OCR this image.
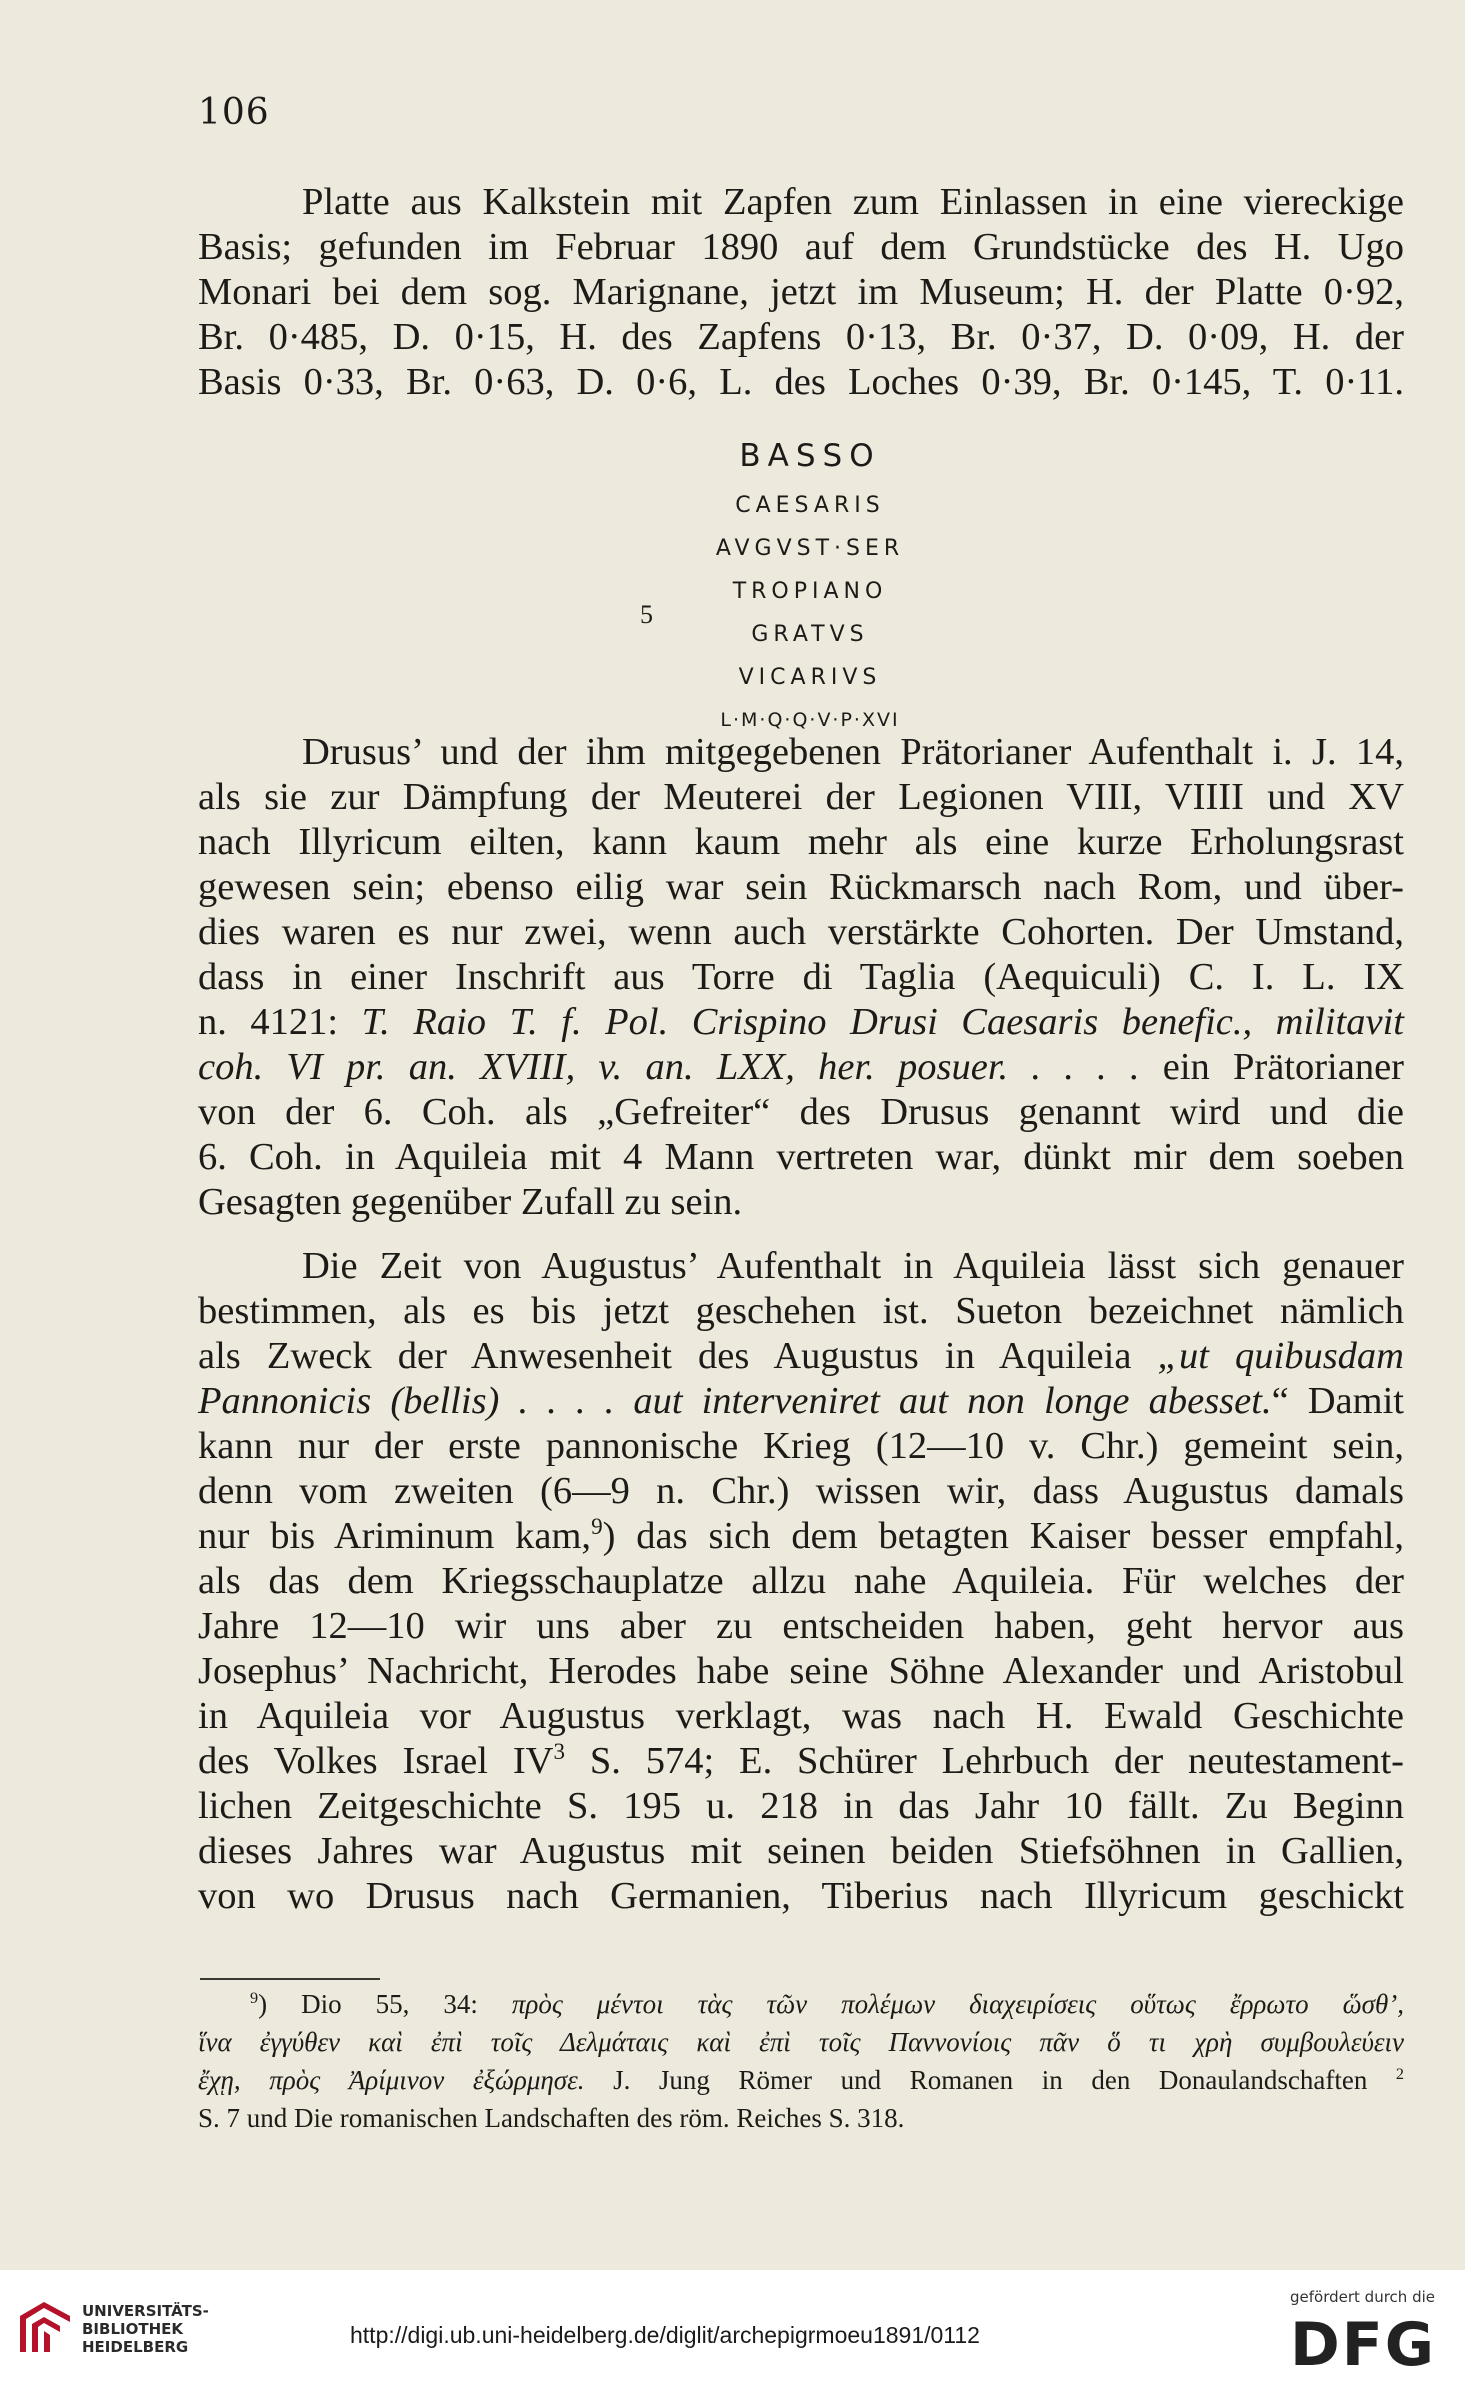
106
Platte aus Kalkstein mit Zapfen zum Einlassen in eine viereckige
Basis; gefunden im Februar 1890 auf dem Grundstücke des H. Ugo
Monari bei dem sog. Marignane, jetzt im Museum; H. der Platte 0·92,
Br. 0·485, D. 0·15, H. des Zapfens 0·13, Br. 0·37, D. 0·09, H. der
Basis 0·33, Br. 0·63, D. 0·6, L. des Loches 0·39, Br. 0·145, T. 0·11.
BASSO
CAESARIS
AVGVST·SER
TROPIANO
GRATVS
VICARIVS
L·M·Q·Q·V·P·XVI
5
Drusus’ und der ihm mitgegebenen Prätorianer Aufenthalt i. J. 14,
als sie zur Dämpfung der Meuterei der Legionen VIII, VIIII und XV
nach Illyricum eilten, kann kaum mehr als eine kurze Erholungsrast
gewesen sein; ebenso eilig war sein Rückmarsch nach Rom, und über-
dies waren es nur zwei, wenn auch verstärkte Cohorten. Der Umstand,
dass in einer Inschrift aus Torre di Taglia (Aequiculi) C. I. L. IX
n. 4121: T. Raio T. f. Pol. Crispino Drusi Caesaris benefic., militavit
coh. VI pr. an. XVIII, v. an. LXX, her. posuer. . . . . ein Prätorianer
von der 6. Coh. als „Gefreiter“ des Drusus genannt wird und die
6. Coh. in Aquileia mit 4 Mann vertreten war, dünkt mir dem soeben
Gesagten gegenüber Zufall zu sein.
Die Zeit von Augustus’ Aufenthalt in Aquileia lässt sich genauer
bestimmen, als es bis jetzt geschehen ist. Sueton bezeichnet nämlich
als Zweck der Anwesenheit des Augustus in Aquileia „ut quibusdam
Pannonicis (bellis) . . . . aut interveniret aut non longe abesset.“ Damit
kann nur der erste pannonische Krieg (12—10 v. Chr.) gemeint sein,
denn vom zweiten (6—9 n. Chr.) wissen wir, dass Augustus damals
nur bis Ariminum kam,$^9$) das sich dem betagten Kaiser besser empfahl,
als das dem Kriegsschauplatze allzu nahe Aquileia. Für welches der
Jahre 12—10 wir uns aber zu entscheiden haben, geht hervor aus
Josephus’ Nachricht, Herodes habe seine Söhne Alexander und Aristobul
in Aquileia vor Augustus verklagt, was nach H. Ewald Geschichte
des Volkes Israel $IV^3$ S. 574; E. Schürer Lehrbuch der neutestament-
lichen Zeitgeschichte S. 195 u. 218 in das Jahr 10 fällt. Zu Beginn
dieses Jahres war Augustus mit seinen beiden Stiefsöhnen in Gallien,
von wo Drusus nach Germanien, Tiberius nach Illyricum geschickt
$^9$) Dio 55, 34: πρὸς μέντοι τὰς τῶν πολέμων διαχειρίσεις οὕτως ἔρρωτο ὥσθ’,
ἵνα ἐγγύθεν καὶ ἐπὶ τοῖς Δελμάταις καὶ ἐπὶ τοῖς Παννονίοις πᾶν ὅ τι χρὴ συμβουλεύειν
ἔχῃ, πρὸς Ἀρίμινον ἐξώρμησε. J. Jung Römer und Romanen in den Donaulandschaften $^2$
S. 7 und Die romanischen Landschaften des röm. Reiches S. 318.
UNIVERSITÄTS-
BIBLIOTHEK
HEIDELBERG	http://digi.ub.uni-heidelberg.de/diglit/archepigrmoeu1891/0112
gefördert durch die
DFG
